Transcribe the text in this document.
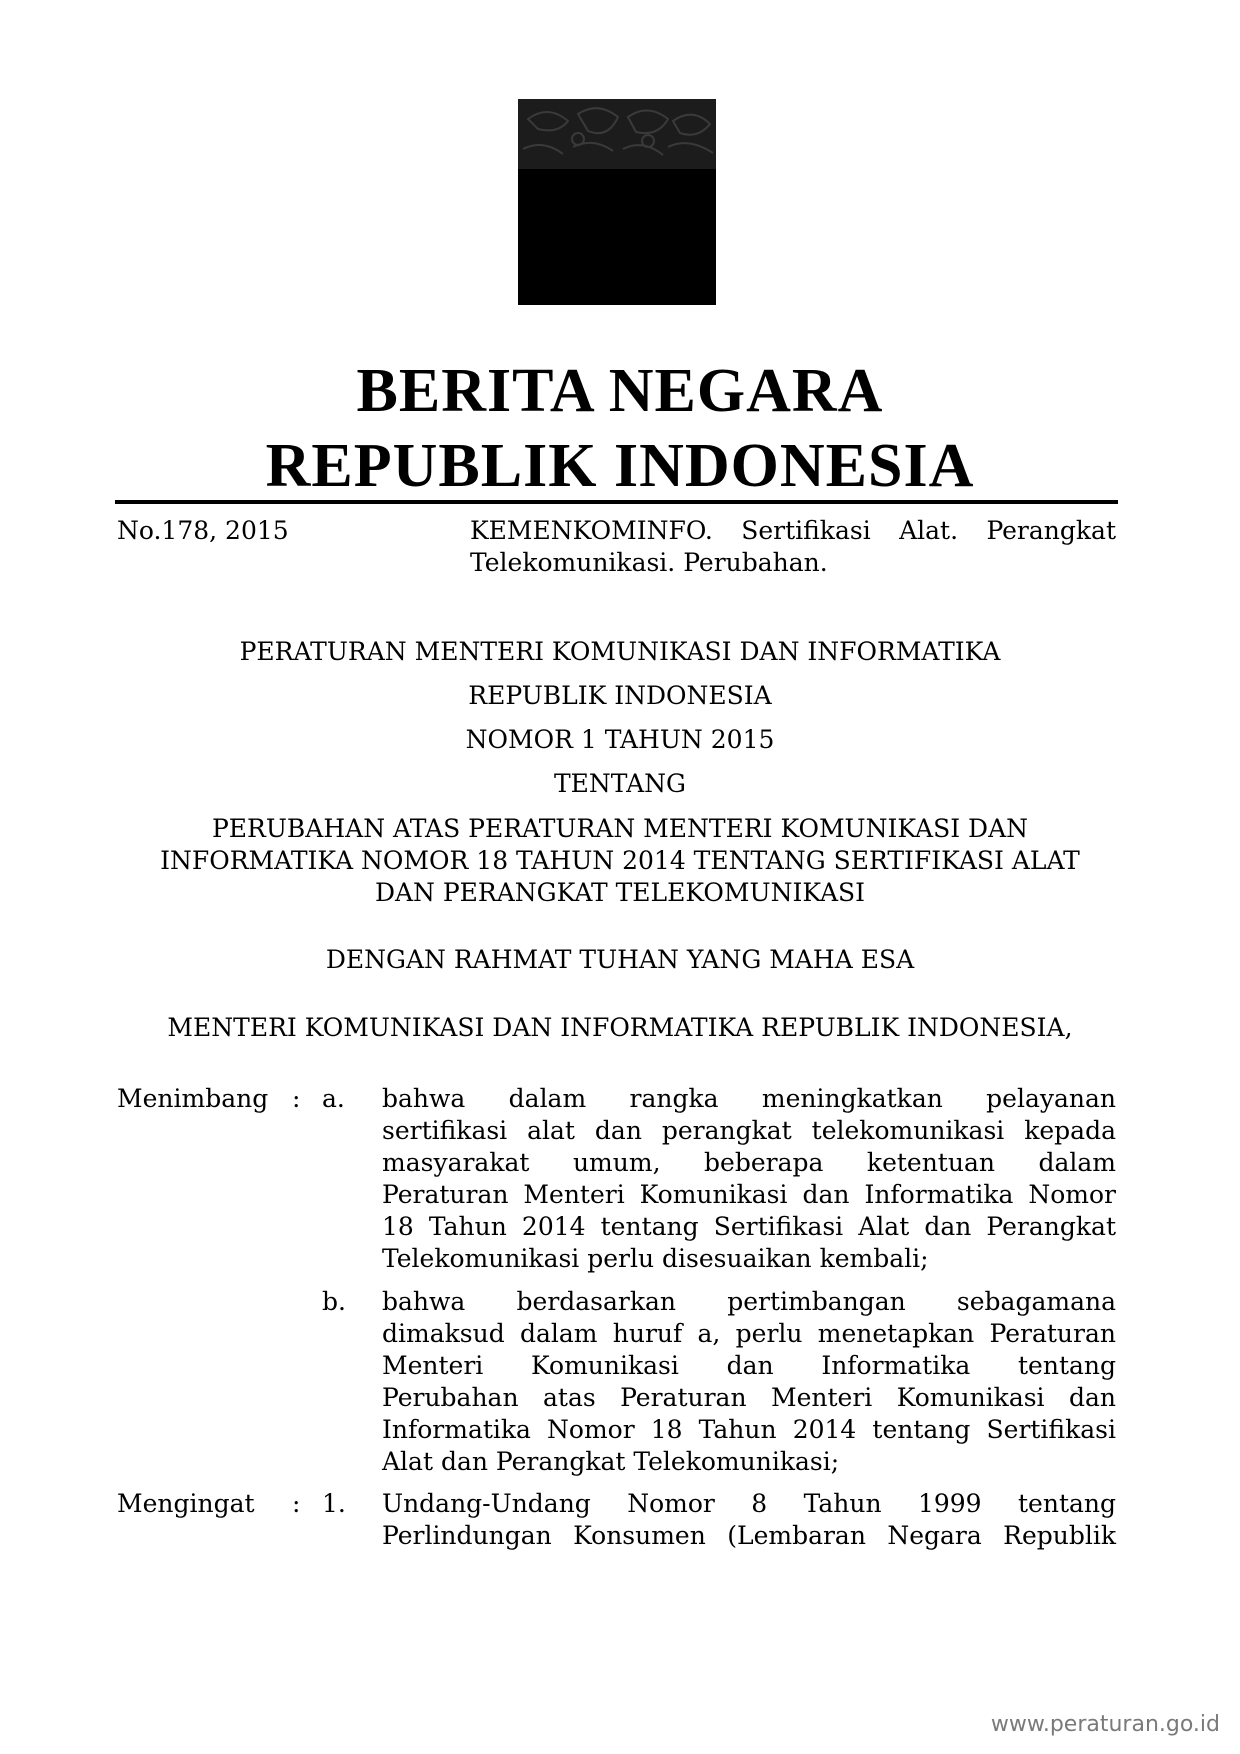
BERITA NEGARA
REPUBLIK INDONESIA
No.178, 2015	KEMENKOMINFO. Sertifikasi Alat. Perangkat
Telekomunikasi. Perubahan.
PERATURAN MENTERI KOMUNIKASI DAN INFORMATIKA
REPUBLIK INDONESIA
NOMOR 1 TAHUN 2015
TENTANG
PERUBAHAN ATAS PERATURAN MENTERI KOMUNIKASI DAN
INFORMATIKA NOMOR 18 TAHUN 2014 TENTANG SERTIFIKASI ALAT
DAN PERANGKAT TELEKOMUNIKASI
DENGAN RAHMAT TUHAN YANG MAHA ESA
MENTERI KOMUNIKASI DAN INFORMATIKA REPUBLIK INDONESIA,
Menimbang : a. bahwa dalam rangka meningkatkan pelayanan
sertifikasi alat dan perangkat telekomunikasi kepada
masyarakat umum, beberapa ketentuan dalam
Peraturan Menteri Komunikasi dan Informatika Nomor
18 Tahun 2014 tentang Sertifikasi Alat dan Perangkat
Telekomunikasi perlu disesuaikan kembali;
b. bahwa berdasarkan pertimbangan sebagamana
dimaksud dalam huruf a, perlu menetapkan Peraturan
Menteri Komunikasi dan Informatika tentang
Perubahan atas Peraturan Menteri Komunikasi dan
Informatika Nomor 18 Tahun 2014 tentang Sertifikasi
Alat dan Perangkat Telekomunikasi;
Mengingat : 1. Undang-Undang Nomor 8 Tahun 1999 tentang
Perlindungan Konsumen (Lembaran Negara Republik
www.peraturan.go.id
